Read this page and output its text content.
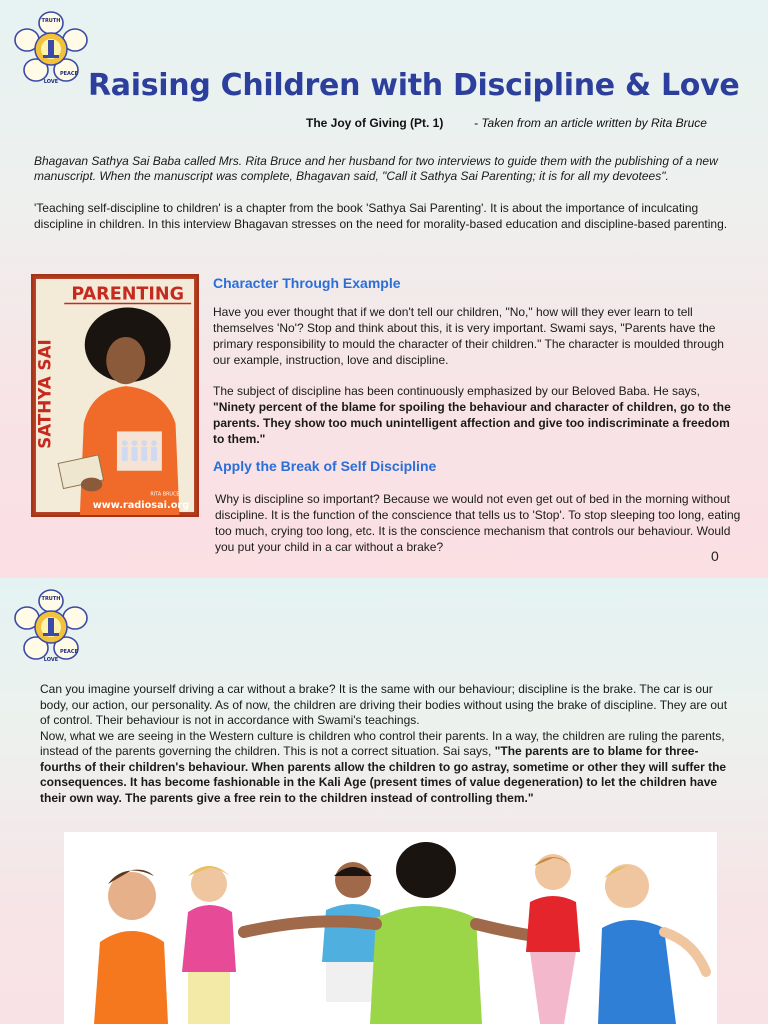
TRUTH
LOVE
PEACE Raising Children with Discipline & Love
The Joy of Giving (Pt. 1)	- Taken from an article written by Rita Bruce
Bhagavan Sathya Sai Baba called Mrs. Rita Bruce and her husband for two interviews to guide them with the publishing of a new manuscript. When the manuscript was complete, Bhagavan said, "Call it Sathya Sai Parenting; it is for all my devotees".
'Teaching self-discipline to children' is a chapter from the book 'Sathya Sai Parenting'. It is about the importance of inculcating discipline in children. In this interview Bhagavan stresses on the need for morality-based education and discipline-based parenting.
SATHYA SAI
PARENTING
RITA BRUCE
www.radiosai.org
Character Through Example
Have you ever thought that if we don't tell our children, "No," how will they ever learn to tell themselves 'No'? Stop and think about this, it is very important. Swami says, "Parents have the primary responsibility to mould the character of their children." The character is moulded through our example, instruction, love and discipline.
The subject of discipline has been continuously emphasized by our Beloved Baba. He says, "Ninety percent of the blame for spoiling the behaviour and character of children, go to the parents. They show too much unintelligent affection and give too indiscriminate a freedom to them."
Apply the Break of Self Discipline
Why is discipline so important? Because we would not even get out of bed in the morning without discipline. It is the function of the conscience that tells us to 'Stop'. To stop sleeping too long, eating too much, crying too long, etc. It is the conscience mechanism that controls our behaviour. Would you put your child in a car without a brake?
0
TRUTH
LOVE
PEACE
Can you imagine yourself driving a car without a brake? It is the same with our behaviour; discipline is the brake. The car is our body, our action, our personality. As of now, the children are driving their bodies without using the brake of discipline. They are out of control. Their behaviour is not in accordance with Swami's teachings.
Now, what we are seeing in the Western culture is children who control their parents. In a way, the children are ruling the parents, instead of the parents governing the children. This is not a correct situation. Sai says, "The parents are to blame for three-fourths of their children's behaviour. When parents allow the children to go astray, sometime or other they will suffer the consequences. It has become fashionable in the Kali Age (present times of value degeneration) to let the children have their own way. The parents give a free rein to the children instead of controlling them."
